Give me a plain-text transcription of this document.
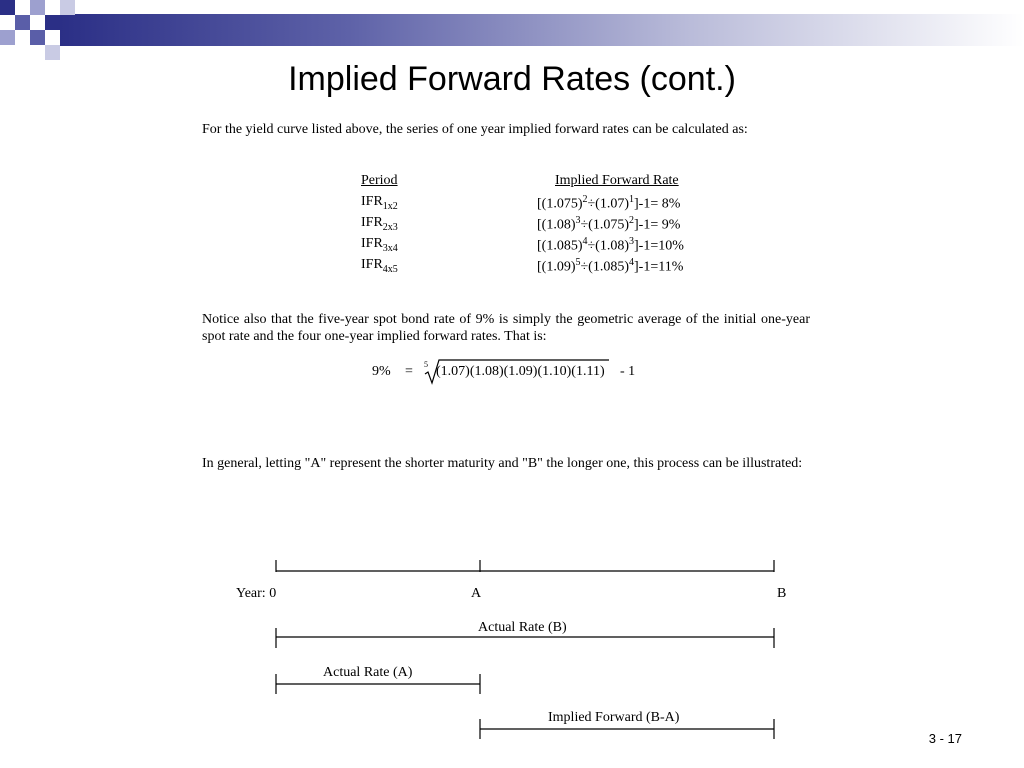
Implied Forward Rates (cont.)
For the yield curve listed above, the series of one year implied forward rates can be calculated as:
Period	Implied Forward Rate
$IFR_{1x2}$	$[(1.075)^2\div(1.07)^1]-1= 8\%$
$IFR_{2x3}$	$[(1.08)^3\div(1.075)^2]-1= 9\%$
$IFR_{3x4}$	$[(1.085)^4\div(1.08)^3]-1=10\%$
$IFR_{4x5}$	$[(1.09)^5\div(1.085)^4]-1=11\%$
Notice also that the five-year spot bond rate of 9% is simply the geometric average of the initial one-year spot rate and the four one-year implied forward rates. That is:
9% = 5 (1.07)(1.08)(1.09)(1.10)(1.11) - 1
In general, letting "A" represent the shorter maturity and "B" the longer one, this process can be illustrated:
Year: 0	A	B
Actual Rate (B)
Actual Rate (A)
Implied Forward (B-A)
3 - 17
